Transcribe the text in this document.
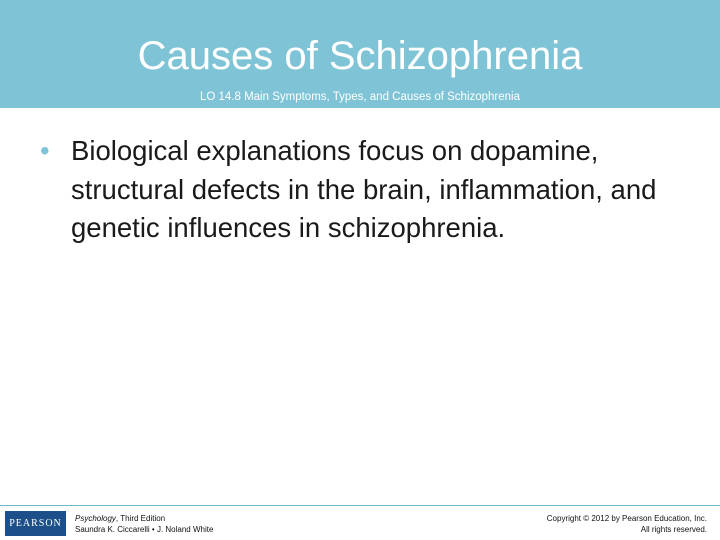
Causes of Schizophrenia
LO 14.8 Main Symptoms, Types, and Causes of Schizophrenia
• Biological explanations focus on dopamine, structural defects in the brain, inflammation, and genetic influences in schizophrenia.
PEARSON Psychology, Third Edition
Saundra K. Ciccarelli • J. Noland White
Copyright © 2012 by Pearson Education, Inc.
All rights reserved.
